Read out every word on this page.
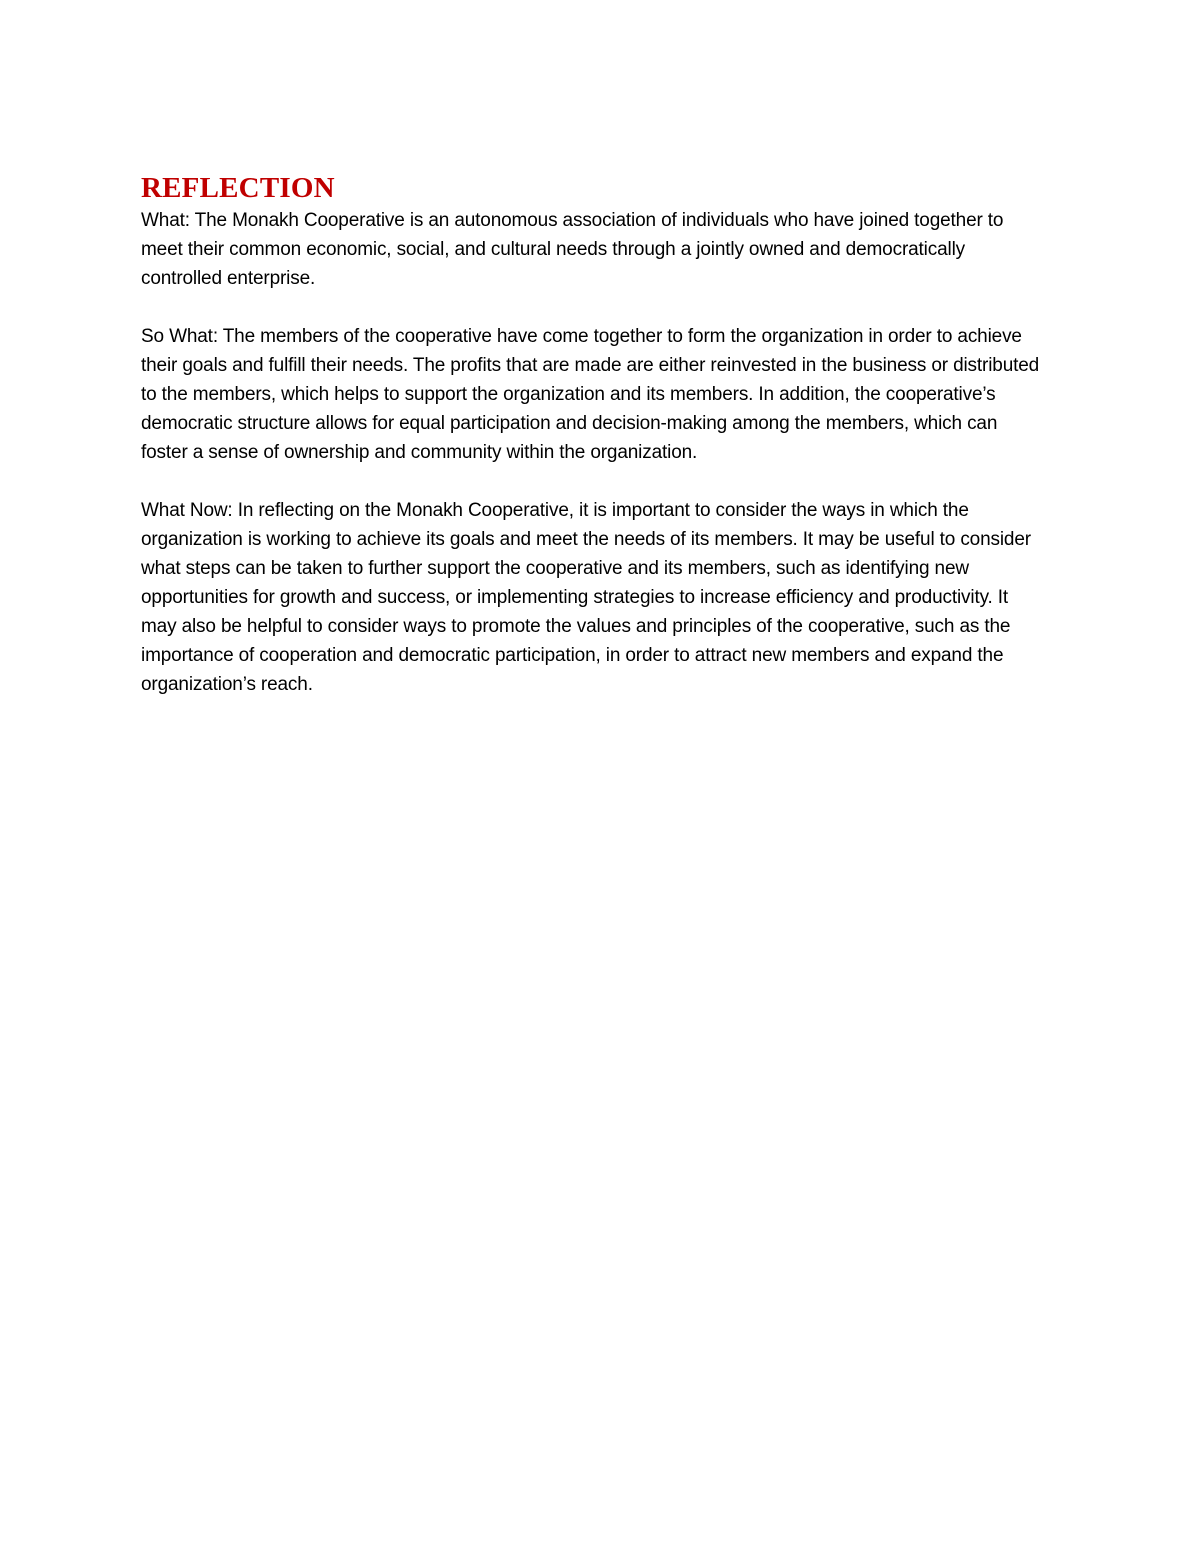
REFLECTION

What: The Monakh Cooperative is an autonomous association of individuals who have joined together to meet their common economic, social, and cultural needs through a jointly owned and democratically controlled enterprise.

So What: The members of the cooperative have come together to form the organization in order to achieve their goals and fulfill their needs. The profits that are made are either reinvested in the business or distributed to the members, which helps to support the organization and its members. In addition, the cooperative’s democratic structure allows for equal participation and decision-making among the members, which can foster a sense of ownership and community within the organization.

What Now: In reflecting on the Monakh Cooperative, it is important to consider the ways in which the organization is working to achieve its goals and meet the needs of its members. It may be useful to consider what steps can be taken to further support the cooperative and its members, such as identifying new opportunities for growth and success, or implementing strategies to increase efficiency and productivity. It may also be helpful to consider ways to promote the values and principles of the cooperative, such as the importance of cooperation and democratic participation, in order to attract new members and expand the organization’s reach.
